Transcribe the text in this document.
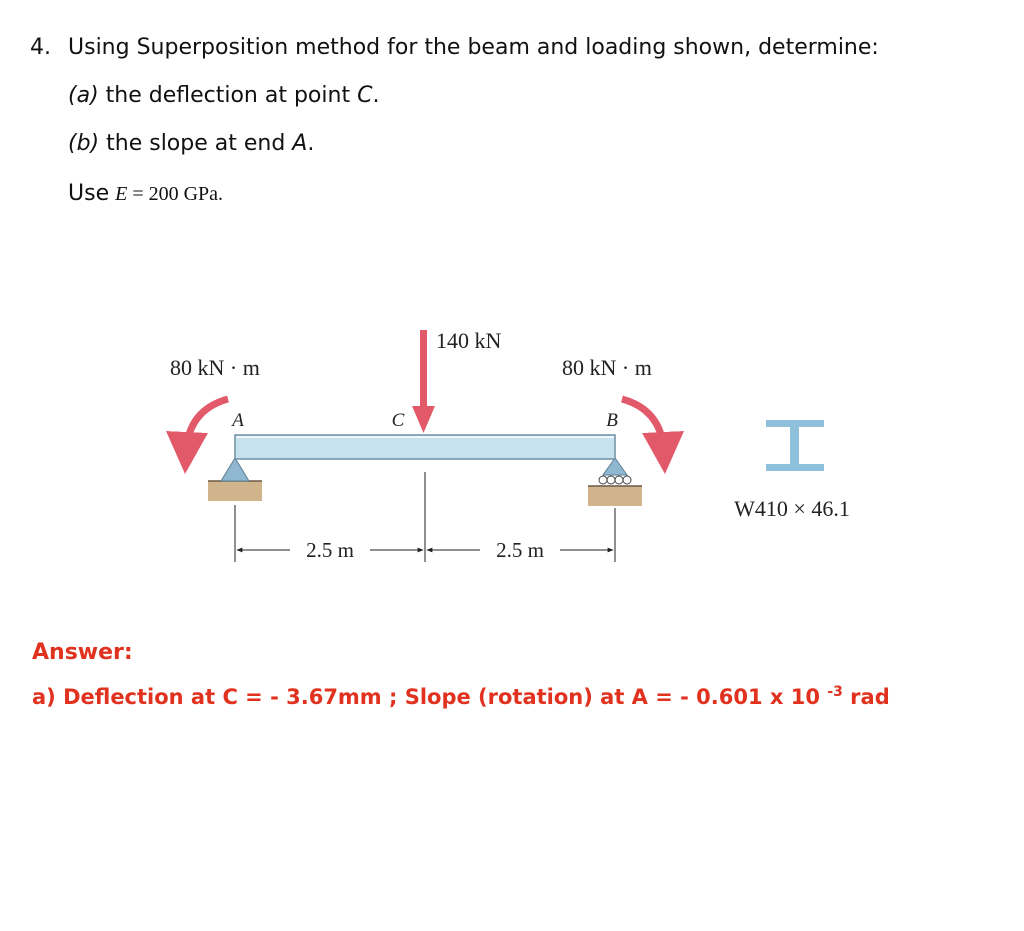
4. Using Superposition method for the beam and loading shown, determine:
(a) the deflection at point C.
(b) the slope at end A.
Use E = 200 GPa.
A	C	B
140 kN
80 kN · m	80 kN · m
2.5 m	2.5 m
W410 × 46.1
Answer:
a) Deflection at C = - 3.67mm ; Slope (rotation) at A = - 0.601 x 10 $^{-3}$ rad
